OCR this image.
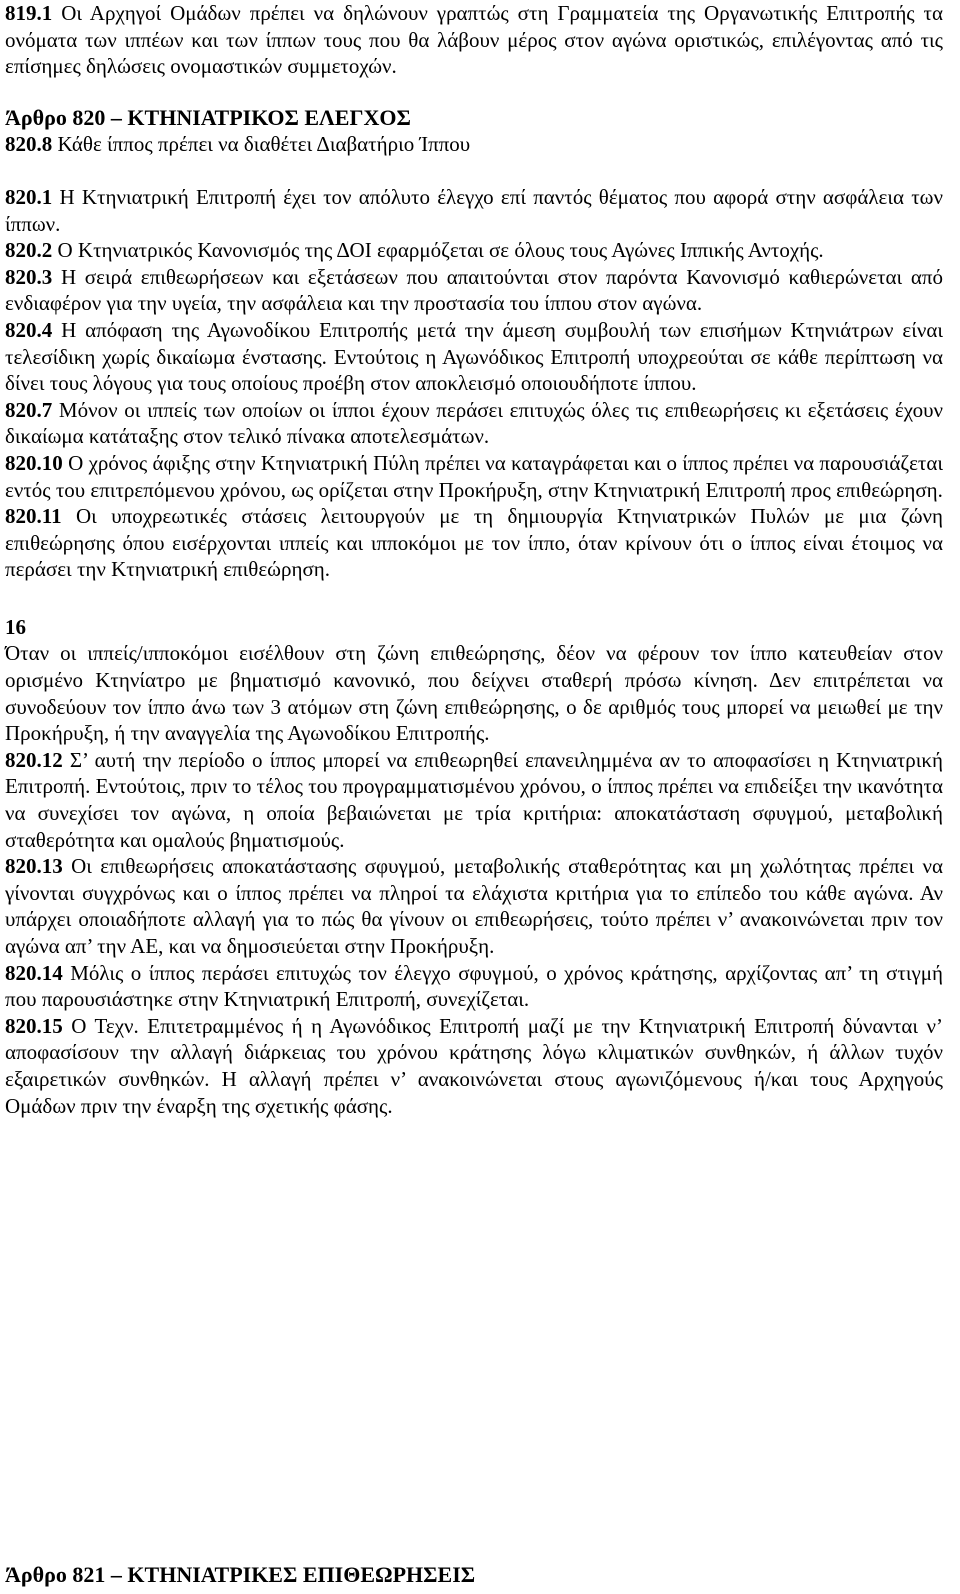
819.1 Οι Αρχηγοί Ομάδων πρέπει να δηλώνουν γραπτώς στη Γραμματεία της Οργανωτικής Επιτροπής τα ονόματα των ιππέων και των ίππων τους που θα λάβουν μέρος στον αγώνα οριστικώς, επιλέγοντας από τις επίσημες δηλώσεις ονομαστικών συμμετοχών.

Άρθρο 820 – ΚΤΗΝΙΑΤΡΙΚΟΣ ΕΛΕΓΧΟΣ

820.8 Κάθε ίππος πρέπει να διαθέτει Διαβατήριο Ίππου

820.1 Η Κτηνιατρική Επιτροπή έχει τον απόλυτο έλεγχο επί παντός θέματος που αφορά στην ασφάλεια των ίππων.

820.2 Ο Κτηνιατρικός Κανονισμός της ΔΟΙ εφαρμόζεται σε όλους τους Αγώνες Ιππικής Αντοχής.

820.3 Η σειρά επιθεωρήσεων και εξετάσεων που απαιτούνται στον παρόντα Κανονισμό καθιερώνεται από ενδιαφέρον για την υγεία, την ασφάλεια και την προστασία του ίππου στον αγώνα.

820.4 Η απόφαση της Αγωνοδίκου Επιτροπής μετά την άμεση συμβουλή των επισήμων Κτηνιάτρων είναι τελεσίδικη χωρίς δικαίωμα ένστασης. Εντούτοις η Αγωνόδικος Επιτροπή υποχρεούται σε κάθε περίπτωση να δίνει τους λόγους για τους οποίους προέβη στον αποκλεισμό οποιουδήποτε ίππου.

820.7 Μόνον οι ιππείς των οποίων οι ίπποι έχουν περάσει επιτυχώς όλες τις επιθεωρήσεις κι εξετάσεις έχουν δικαίωμα κατάταξης στον τελικό πίνακα αποτελεσμάτων.

820.10 Ο χρόνος άφιξης στην Κτηνιατρική Πύλη πρέπει να καταγράφεται και ο ίππος πρέπει να παρουσιάζεται εντός του επιτρεπόμενου χρόνου, ως ορίζεται στην Προκήρυξη, στην Κτηνιατρική Επιτροπή προς επιθεώρηση.

820.11 Οι υποχρεωτικές στάσεις λειτουργούν με τη δημιουργία Κτηνιατρικών Πυλών με μια ζώνη επιθεώρησης όπου εισέρχονται ιππείς και ιπποκόμοι με τον ίππο, όταν κρίνουν ότι ο ίππος είναι έτοιμος να περάσει την Κτηνιατρική επιθεώρηση.

16

Όταν οι ιππείς/ιπποκόμοι εισέλθουν στη ζώνη επιθεώρησης, δέον να φέρουν τον ίππο κατευθείαν στον ορισμένο Κτηνίατρο με βηματισμό κανονικό, που δείχνει σταθερή πρόσω κίνηση. Δεν επιτρέπεται να συνοδεύουν τον ίππο άνω των 3 ατόμων στη ζώνη επιθεώρησης, ο δε αριθμός τους μπορεί να μειωθεί με την Προκήρυξη, ή την αναγγελία της Αγωνοδίκου Επιτροπής.

820.12 Σ’ αυτή την περίοδο ο ίππος μπορεί να επιθεωρηθεί επανειλημμένα αν το αποφασίσει η Κτηνιατρική Επιτροπή. Εντούτοις, πριν το τέλος του προγραμματισμένου χρόνου, ο ίππος πρέπει να επιδείξει την ικανότητα να συνεχίσει τον αγώνα, η οποία βεβαιώνεται με τρία κριτήρια: αποκατάσταση σφυγμού, μεταβολική σταθερότητα και ομαλούς βηματισμούς.

820.13 Οι επιθεωρήσεις αποκατάστασης σφυγμού, μεταβολικής σταθερότητας και μη χωλότητας πρέπει να γίνονται συγχρόνως και ο ίππος πρέπει να πληροί τα ελάχιστα κριτήρια για το επίπεδο του κάθε αγώνα. Αν υπάρχει οποιαδήποτε αλλαγή για το πώς θα γίνουν οι επιθεωρήσεις, τούτο πρέπει ν’ ανακοινώνεται πριν τον αγώνα απ’ την ΑΕ, και να δημοσιεύεται στην Προκήρυξη.

820.14 Μόλις ο ίππος περάσει επιτυχώς τον έλεγχο σφυγμού, ο χρόνος κράτησης, αρχίζοντας απ’ τη στιγμή που παρουσιάστηκε στην Κτηνιατρική Επιτροπή, συνεχίζεται.

820.15 Ο Τεχν. Επιτετραμμένος ή η Αγωνόδικος Επιτροπή μαζί με την Κτηνιατρική Επιτροπή δύνανται ν’ αποφασίσουν την αλλαγή διάρκειας του χρόνου κράτησης λόγω κλιματικών συνθηκών, ή άλλων τυχόν εξαιρετικών συνθηκών. Η αλλαγή πρέπει ν’ ανακοινώνεται στους αγωνιζόμενους ή/και τους Αρχηγούς Ομάδων πριν την έναρξη της σχετικής φάσης.

Άρθρο 821 – ΚΤΗΝΙΑΤΡΙΚΕΣ ΕΠΙΘΕΩΡΗΣΕΙΣ
